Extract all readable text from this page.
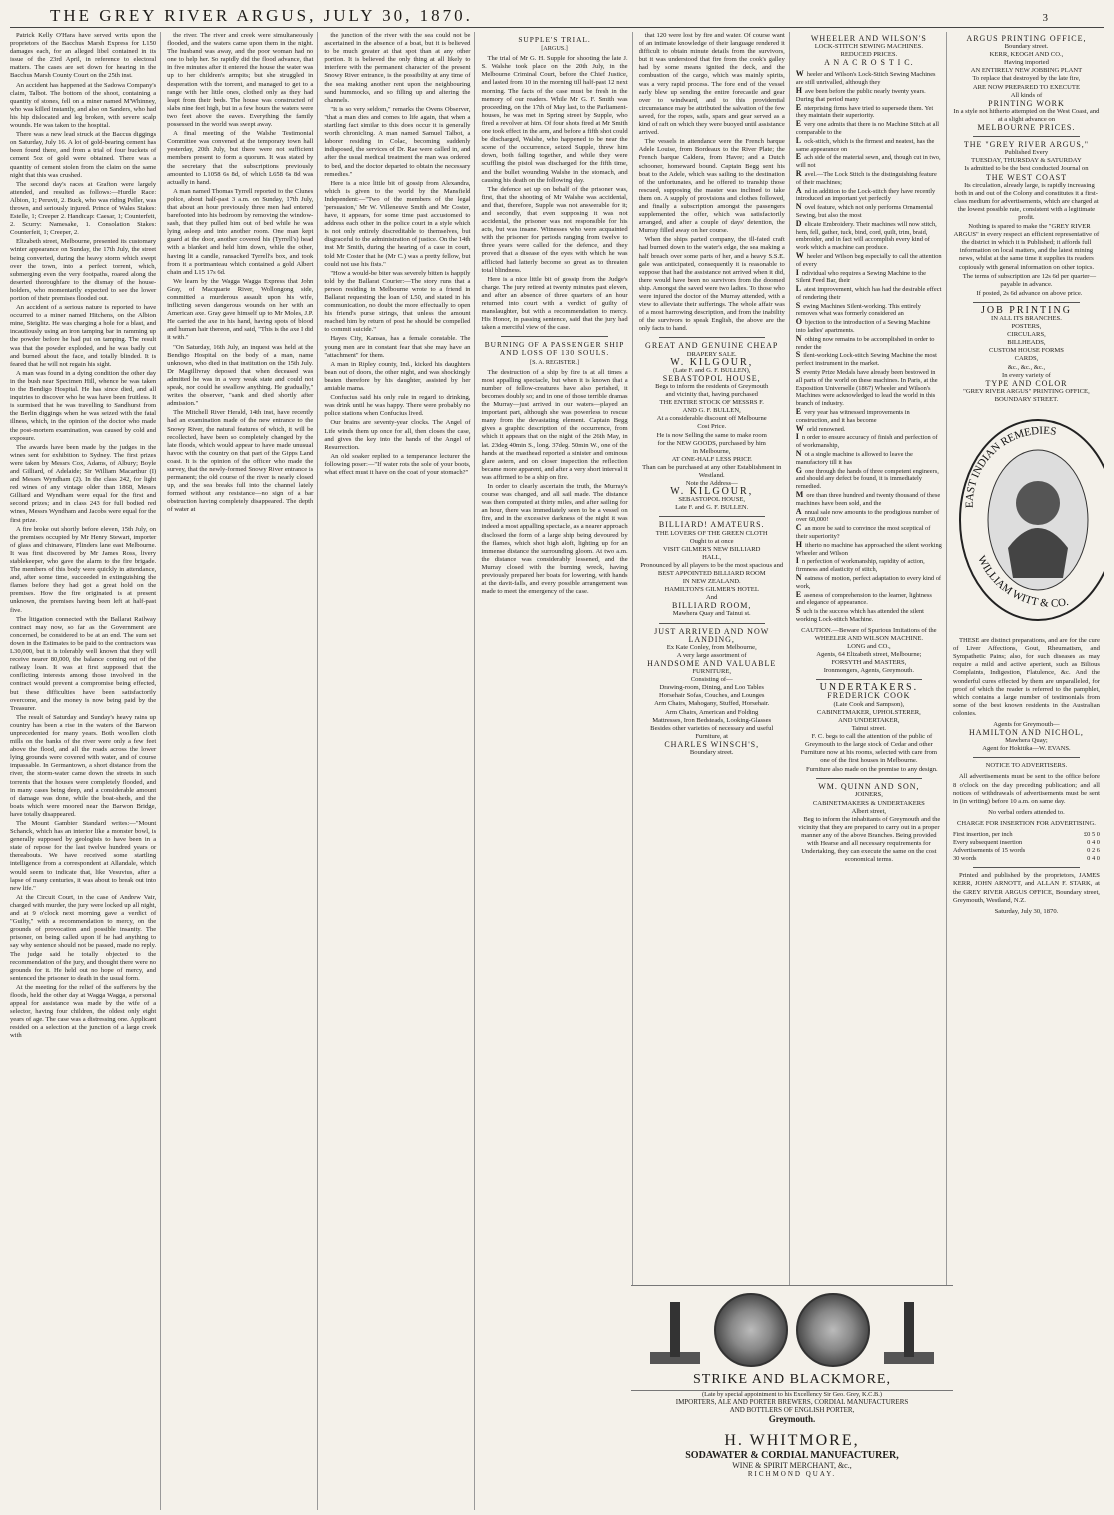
THE GREY RIVER ARGUS, JULY 30, 1870.	3

Patrick Kelly O'Hara have served writs upon the proprietors of the Bacchus Marsh Express for L150 damages each, for an alleged libel contained in its issue of the 23rd April, in reference to electoral matters. The cases are set down for hearing in the Bacchus Marsh County Court on the 25th inst.

An accident has happened at the Sadowa Company's claim, Talbot. The bottom of the shoot, containing a quantity of stones, fell on a miner named M'Whinney, who was killed instantly, and also on Sanders, who had his hip dislocated and leg broken, with severe scalp wounds. He was taken to the hospital.

There was a new lead struck at the Baccus diggings on Saturday, July 16. A lot of gold-bearing cement has been found there, and from a trial of four buckets of cement 5oz of gold were obtained. There was a quantity of cement stolen from the claim on the same night that this was crushed.

The second day's races at Grafton were largely attended, and resulted as follows:—Hurdle Race: Albion, 1; Peruvit, 2. Buck, who was riding Peller, was thrown, and seriously injured. Prince of Wales Stakes: Estelle, 1; Creeper 2. Handicap: Caesar, 1; Counterfeit, 2. Scurry: Namesake, 1. Consolation Stakes: Counterfeit, 1; Creeper, 2.

Elizabeth street, Melbourne, presented its customary winter appearance on Sunday, the 17th July, the street being converted, during the heavy storm which swept over the town, into a perfect torrent, which, submerging even the very footpaths, roared along the deserted thoroughfare to the dismay of the house-holders, who momentarily expected to see the lower portion of their premises flooded out.

An accident of a serious nature is reported to have occurred to a miner named Hitchens, on the Albion mine, Steiglitz. He was charging a hole for a blast, and incautiously using an iron tamping bar in ramming up the powder before he had put on tamping. The result was that the powder exploded, and he was badly cut and burned about the face, and totally blinded. It is feared that he will not regain his sight.

A man was found in a dying condition the other day in the bush near Specimen Hill, whence he was taken to the Bendigo Hospital. He has since died, and all inquiries to discover who he was have been fruitless. It is surmised that he was travelling to Sandhurst from the Berlin diggings when he was seized with the fatal illness, which, in the opinion of the doctor who made the post-mortem examination, was caused by cold and exposure.

The awards have been made by the judges in the wines sent for exhibition to Sydney. The first prizes were taken by Messrs Cox, Adams, of Albury; Boyle and Gilliard, of Adelaide; Sir William Macarthur (I) and Messrs Wyndham (2). In the class 242, for light red wines of any vintage older than 1868, Messrs Gilliard and Wyndham were equal for the first and second prizes; and in class 243 for full bodied red wines, Messrs Wyndham and Jacobs were equal for the first prize.

A fire broke out shortly before eleven, 15th July, on the premises occupied by Mr Henry Stewart, importer of glass and chinaware, Flinders lane east Melbourne. It was first discovered by Mr James Ross, livery stablekeeper, who gave the alarm to the fire brigade. The members of this body were quickly in attendance, and, after some time, succeeded in extinguishing the flames before they had got a great hold on the premises. How the fire originated is at present unknown, the premises having been left at half-past five.

The litigation connected with the Ballarat Railway contract may now, so far as the Government are concerned, be considered to be at an end. The sum set down in the Estimates to be paid to the contractors was L30,000, but it is tolerably well known that they will receive nearer 80,000, the balance coming out of the railway loan. It was at first supposed that the conflicting interests among those involved in the contract would prevent a compromise being effected, but these difficulties have been satisfactorily overcome, and the money is now being paid by the Treasurer.

The result of Saturday and Sunday's heavy rains up country has been a rise in the waters of the Barwon unprecedented for many years. Both woollen cloth mills on the banks of the river were only a few feet above the flood, and all the roads across the lower lying grounds were covered with water, and of course impassable. In Germantown, a short distance from the river, the storm-water came down the streets in such torrents that the houses were completely flooded, and in many cases being deep, and a considerable amount of damage was done, while the boat-sheds, and the boats which were moored near the Barwon Bridge, have totally disappeared.

The Mount Gambier Standard writes:—"Mount Schanck, which has an interior like a monster bowl, is generally supposed by geologists to have been in a state of repose for the last twelve hundred years or thereabouts. We have received some startling intelligence from a correspondent at Allandale, which would seem to indicate that, like Vesuvius, after a lapse of many centuries, it was about to break out into new life."

At the Circuit Court, in the case of Andrew Vair, charged with murder, the jury were locked up all night, and at 9 o'clock next morning gave a verdict of "Guilty," with a recommendation to mercy, on the grounds of provocation and possible insanity. The prisoner, on being called upon if he had anything to say why sentence should not be passed, made no reply. The judge said he totally objected to the recommendation of the jury, and thought there were no grounds for it. He held out no hope of mercy, and sentenced the prisoner to death in the usual form.

At the meeting for the relief of the sufferers by the floods, held the other day at Wagga Wagga, a personal appeal for assistance was made by the wife of a selector, having four children, the oldest only eight years of age. The case was a distressing one. Applicant resided on a selection at the junction of a large creek with

the river. The river and creek were simultaneously flooded, and the waters came upon them in the night. The husband was away, and the poor woman had no one to help her. So rapidly did the flood advance, that in five minutes after it entered the house the water was up to her children's armpits; but she struggled in desperation with the torrent, and managed to get to a range with her little ones, clothed only as they had leapt from their beds. The house was constructed of slabs nine feet high, but in a few hours the waters were two feet above the eaves. Everything the family possessed in the world was swept away.

A final meeting of the Walshe Testimonial Committee was convened at the temporary town hall yesterday, 20th July, but there were not sufficient members present to form a quorum. It was stated by the secretary that the subscriptions previously amounted to L1058 6s 8d, of which L658 6s 8d was actually in hand.

A man named Thomas Tyrrell reported to the Clunes police, about half-past 3 a.m. on Sunday, 17th July, that about an hour previously three men had entered barefooted into his bedroom by removing the window-sash, that they pulled him out of bed while he was lying asleep and into another room. One man kept guard at the door, another covered his (Tyrrell's) head with a blanket and held him down, while the other, having lit a candle, ransacked Tyrrell's box, and took from it a portmanteau which contained a gold Albert chain and L15 17s 6d.

We learn by the Wagga Wagga Express that John Gray, of Macquarie River, Wollongong side, committed a murderous assault upon his wife, inflicting seven dangerous wounds on her with an American axe. Gray gave himself up to Mr Moles, J.P. He carried the axe in his hand, having spots of blood and human hair thereon, and said, "This is the axe I did it with."

"On Saturday, 16th July, an inquest was held at the Bendigo Hospital on the body of a man, name unknown, who died in that institution on the 15th July. Dr Magillivray deposed that when deceased was admitted he was in a very weak state and could not speak, nor could he swallow anything. He gradually," writes the observer, "sank and died shortly after admission."

The Mitchell River Herald, 14th inst, have recently had an examination made of the new entrance to the Snowy River, the natural features of which, it will be recollected, have been so completely changed by the late floods, which would appear to have made unusual havoc with the country on that part of the Gipps Land coast. It is the opinion of the officer who made the survey, that the newly-formed Snowy River entrance is permanent; the old course of the river is nearly closed up, and the sea breaks full into the channel lately formed without any resistance—no sign of a bar obstruction having completely disappeared. The depth of water at

the junction of the river with the sea could not be ascertained in the absence of a boat, but it is believed to be much greater at that spot than at any other portion. It is believed the only thing at all likely to interfere with the permanent character of the present Snowy River entrance, is the possibility at any time of the sea making another rent upon the neighbouring sand hummocks, and so filling up and altering the channels.

"It is so very seldom," remarks the Ovens Observer, "that a man dies and comes to life again, that when a startling fact similar to this does occur it is generally worth chronicling. A man named Samuel Talbot, a laborer residing in Colac, becoming suddenly indisposed, the services of Dr. Rae were called in, and after the usual medical treatment the man was ordered to bed, and the doctor departed to obtain the necessary remedies."

Here is a nice little bit of gossip from Alexandra, which is given to the world by the Mansfield Independent:—"Two of the members of the legal 'persuasion,' Mr W. Villeneuve Smith and Mr Coster, have, it appears, for some time past accustomed to address each other in the police court in a style which is not only entirely discreditable to themselves, but disgraceful to the administration of justice. On the 14th inst Mr Smith, during the hearing of a case in court, told Mr Coster that he (Mr C.) was a pretty fellow, but could not use his fists."

"How a would-be biter was severely bitten is happily told by the Ballarat Courier:—The story runs that a person residing in Melbourne wrote to a friend in Ballarat requesting the loan of L50, and stated in his communication, no doubt the more effectually to open his friend's purse strings, that unless the amount reached him by return of post he should be compelled to commit suicide."

Hayes City, Kansas, has a female constable. The young men are in constant fear that she may have an "attachment" for them.

A man in Ripley county, Ind., kicked his daughters bean out of doors, the other night, and was shockingly beaten therefore by his daughter, assisted by her amiable mama.

Confucius said his only rule in regard to drinking, was drink until he was happy. There were probably no police stations when Confucius lived.

Our brains are seventy-year clocks. The Angel of Life winds them up once for all, then closes the case, and gives the key into the hands of the Angel of Resurrection.

An old soaker replied to a temperance lecturer the following poser:—"If water rots the sole of your boots, what effect must it have on the coat of your stomach?"

SUPPLE'S TRIAL.
[ARGUS.]

The trial of Mr G. H. Supple for shooting the late J. S. Walshe took place on the 20th July, in the Melbourne Criminal Court, before the Chief Justice, and lasted from 10 in the morning till half-past 12 next morning. The facts of the case must be fresh in the memory of our readers. While Mr G. F. Smith was proceeding, on the 17th of May last, to the Parliament-houses, he was met in Spring street by Supple, who fired a revolver at him. Of four shots fired at Mr Smith one took effect in the arm, and before a fifth shot could be discharged, Walshe, who happened to be near the scene of the occurrence, seized Supple, threw him down, both falling together, and while they were scuffling the pistol was discharged for the fifth time, and the bullet wounding Walshe in the stomach, and causing his death on the following day.

The defence set up on behalf of the prisoner was, first, that the shooting of Mr Walshe was accidental, and that, therefore, Supple was not answerable for it; and secondly, that even supposing it was not accidental, the prisoner was not responsible for his acts, but was insane. Witnesses who were acquainted with the prisoner for periods ranging from twelve to three years were called for the defence, and they proved that a disease of the eyes with which he was afflicted had latterly become so great as to threaten total blindness.

Here is a nice little bit of gossip from the Judge's charge. The jury retired at twenty minutes past eleven, and after an absence of three quarters of an hour returned into court with a verdict of guilty of manslaughter, but with a recommendation to mercy. His Honor, in passing sentence, said that the jury had taken a merciful view of the case.

BURNING OF A PASSENGER SHIP AND LOSS OF 130 SOULS.
[S. A. REGISTER.]

The destruction of a ship by fire is at all times a most appalling spectacle, but when it is known that a number of fellow-creatures have also perished, it becomes doubly so; and in one of those terrible dramas the Murray—just arrived in our waters—played an important part, although she was powerless to rescue many from the devastating element. Captain Begg gives a graphic description of the occurrence, from which it appears that on the night of the 26th May, in lat. 23deg 40min S., long. 37deg. 50min W., one of the hands at the masthead reported a sinister and ominous glare astern, and on closer inspection the reflection became more apparent, and after a very short interval it was affirmed to be a ship on fire.

In order to clearly ascertain the truth, the Murray's course was changed, and all sail made. The distance was then computed at thirty miles, and after sailing for an hour, there was immediately seen to be a vessel on fire, and in the excessive darkness of the night it was indeed a most appalling spectacle, as a nearer approach disclosed the form of a large ship being devoured by the flames, which shot high aloft, lighting up for an immense distance the surrounding gloom. At two a.m. the distance was considerably lessened, and the Murray closed with the burning wreck, having previously prepared her boats for lowering, with hands at the davit-falls, and every possible arrangement was made to meet the emergency of the case.

that 120 were lost by fire and water. Of course want of an intimate knowledge of their language rendered it difficult to obtain minute details from the survivors, but it was understood that fire from the cook's galley had by some means ignited the deck, and the combustion of the cargo, which was mainly spirits, was a very rapid process. The fore end of the vessel early blew up sending the entire forecastle and gear over to windward, and to this providential circumstance may be attributed the salvation of the few saved, for the ropes, sails, spars and gear served as a kind of raft on which they were buoyed until assistance arrived.

The vessels in attendance were the French barque Adele Louise, from Bordeaux to the River Plate; the French barque Caldera, from Havre; and a Dutch schooner, homeward bound. Captain Begg sent his boat to the Adele, which was sailing to the destination of the unfortunates, and he offered to tranship those rescued, supposing the master was inclined to take them on. A supply of provisions and clothes followed, and finally a subscription amongst the passengers supplemented the offer, which was satisfactorily arranged, and after a couple of days' detention, the Murray filled away on her course.

When the ships parted company, the ill-fated craft had burned down to the water's edge, the sea making a half breach over some parts of her, and a heavy S.S.E. gale was anticipated, consequently it is reasonable to suppose that had the assistance not arrived when it did, there would have been no survivors from the doomed ship. Amongst the saved were two ladies. To those who were injured the doctor of the Murray attended, with a view to alleviate their sufferings. The whole affair was of a most harrowing description, and from the inability of the survivors to speak English, the above are the only facts to hand.

GREAT AND GENUINE CHEAP
DRAPERY SALE.
W. KILGOUR,
(Late F. and G. F. BULLEN),
SEBASTOPOL HOUSE,
Begs to inform the residents of Greymouth
and vicinity that, having purchased
THE ENTIRE STOCK OF MESSRS F.
AND G. F. BULLEN,
At a considerable discount off Melbourne
Cost Price.
He is now Selling the same to make room
for the NEW GOODS, purchased by him
in Melbourne,
AT ONE-HALF LESS PRICE
Than can be purchased at any other Establishment in Westland.
Note the Address—
W. KILGOUR,
SEBASTOPOL HOUSE,
Late F. and G. F. BULLEN.
BILLIARD! AMATEURS.
THE LOVERS OF THE GREEN CLOTH
Ought to at once
VISIT GILMER'S NEW BILLIARD
HALL,
Pronounced by all players to be the most spacious and
BEST APPOINTED BILLIARD ROOM
IN NEW ZEALAND.
HAMILTON'S GILMER'S HOTEL
And
BILLIARD ROOM,
Mawhera Quay and Tainui st.
JUST ARRIVED AND NOW LANDING,
Ex Kate Conley, from Melbourne,
A very large assortment of
HANDSOME AND VALUABLE
FURNITURE,
Consisting of—
Drawing-room, Dining, and Loo Tables
Horsehair Sofas, Couches, and Lounges
Arm Chairs, Mahogany, Stuffed, Horsehair.
Arm Chairs, American and Folding
Mattresses, Iron Bedsteads, Looking-Glasses
Besides other varieties of necessary and useful Furniture, at
CHARLES WINSCH'S,
Boundary street.
WHEELER AND WILSON'S
LOCK-STITCH SEWING MACHINES.
REDUCED PRICES.
A N A C R O S T I C.
W heeler and Wilson's Lock-Stitch Sewing Machines are still unrivalled, although they
H ave been before the public nearly twenty years. During that period many
E nterprising firms have tried to supersede them. Yet they maintain their superiority.
E very one admits that there is no Machine Stitch at all comparable to the
L ock-stitch, which is the firmest and neatest, has the same appearance on
E ach side of the material sewn, and, though cut in two, will not
R avel.—The Lock Stitch is the distinguishing feature of their machines;
A nd in addition to the Lock-stitch they have recently introduced an important yet perfectly
N ovel feature, which not only performs Ornamental Sewing, but also the most
D elicate Embroidery. Their machines will now stitch, hem, fell, gather, tuck, bind, cord, quilt, trim, braid, embroider, and in fact will accomplish every kind of work which a machine can produce.
W heeler and Wilson beg especially to call the attention of every
I ndividual who requires a Sewing Machine to the Silent Feed Bar, their
L atest improvement, which has had the desirable effect of rendering their
S ewing Machines Silent-working. This entirely removes what was formerly considered an
O bjection to the introduction of a Sewing Machine into ladies' apartments.
N othing now remains to be accomplished in order to render the
S ilent-working Lock-stitch Sewing Machine the most perfect instrument in the market.
S eventy Prize Medals have already been bestowed in all parts of the world on these machines. In Paris, at the Exposition Universelle (1867) Wheeler and Wilson's Machines were acknowledged to lead the world in this branch of industry.
E very year has witnessed improvements in construction, and it has become
W orld renowned.
I n order to ensure accuracy of finish and perfection of of workmanship,
N ot a single machine is allowed to leave the manufactory till it has
G one through the hands of three competent engineers, and should any defect be found, it is immediately remedied.
M ore than three hundred and twenty thousand of these machines have been sold, and the
A nnual sale now amounts to the prodigious number of over 60,000!
C an more be said to convince the most sceptical of their superiority?
H itherto no machine has approached the silent working Wheeler and Wilson
I n perfection of workmanship, rapidity of action, firmness and elasticity of stitch,
N eatness of motion, perfect adaptation to every kind of work,
E aseness of comprehension to the learner, lightness and elegance of appearance.
S uch is the success which has attended the silent working Lock-stitch Machine.
CAUTION.—Beware of Spurious Imitations of the WHEELER AND WILSON MACHINE.
LONG and CO.,
Agents, 64 Elizabeth street, Melbourne;
FORSYTH and MASTERS,
Ironmongers, Agents, Greymouth.
UNDERTAKERS.
FREDERICK COOK
(Late Cook and Sampson),
CABINETMAKER, UPHOLSTERER,
AND UNDERTAKER,
Tainui street.

F. C. begs to call the attention of the public of Greymouth to the large stock of Cedar and other Furniture now at his rooms, selected with care from one of the first houses in Melbourne.

Furniture also made on the premise to any design.

WM. QUINN AND SON,
JOINERS,
CABINETMAKERS & UNDERTAKERS
Albert street,

Beg to inform the inhabitants of Greymouth and the vicinity that they are prepared to carry out in a proper manner any of the above Branches. Being provided with Hearse and all necessary requirements for Undertaking, they can execute the same on the cost economical terms.

ARGUS PRINTING OFFICE,
Boundary street.
KERR, KEOGH AND CO.,
Having imported
AN ENTIRELY NEW JOBBING PLANT
To replace that destroyed by the late fire,
ARE NOW PREPARED TO EXECUTE
All kinds of
PRINTING WORK
In a style not hitherto attempted on the West Coast, and at a slight advance on
MELBOURNE PRICES.
THE "GREY RIVER ARGUS,"
Published Every
TUESDAY, THURSDAY & SATURDAY
Is admitted to be the best conducted Journal on
THE WEST COAST

Its circulation, already large, is rapidly increasing both in and out of the Colony and constitutes it a first-class medium for advertisements, which are charged at the lowest possible rate, consistent with a legitimate profit.

Nothing is spared to make the "GREY RIVER ARGUS" in every respect an efficient representative of the district in which it is Published; it affords full information on local matters, and the latest mining news, whilst at the same time it supplies its readers copiously with general information on other topics.

The terms of subscription are 12s 6d per quarter—payable in advance.

If posted, 2s 6d advance on above price.

JOB PRINTING
IN ALL ITS BRANCHES.
POSTERS,
CIRCULARS,
BILLHEADS,
CUSTOM HOUSE FORMS
CARDS,
&c., &c., &c.,
In every variety of
TYPE AND COLOR
"GREY RIVER ARGUS" PRINTING OFFICE,
BOUNDARY STREET.
EAST INDIAN REMEDIES
WILLIAM WITT & CO.

THESE are distinct preparations, and are for the cure of Liver Affections, Gout, Rheumatism, and Sympathetic Pains; also, for such diseases as may require a mild and active aperient, such as Bilious Complaints, Indigestion, Flatulence, &c. And the wonderful cures effected by them are unparalleled, for proof of which the reader is referred to the pamphlet, which contains a large number of testimonials from some of the best known residents in the Australian colonies.

Agents for Greymouth—
HAMILTON AND NICHOL,
Mawhera Quay;
Agent for Hokitika—W. EVANS.
NOTICE TO ADVERTISERS.

All advertisements must be sent to the office before 8 o'clock on the day preceding publication; and all notices of withdrawals of advertisements must be sent in (in writing) before 10 a.m. on same day.

No verbal orders attended to.
CHARGE FOR INSERTION FOR ADVERTISING.
First insertion, per inch	£0 5 0
Every subsequent insertion	0 4 0
Advertisements of 15 words	0 2 6
30 words	0 4 0

Printed and published by the proprietors, JAMES KERR, JOHN ARNOTT, and ALLAN F. STARK, at the GREY RIVER ARGUS OFFICE, Boundary street, Greymouth, Westland, N.Z.

Saturday, July 30, 1870.
STRIKE AND BLACKMORE,
(Late by special appointment to his Excellency Sir Geo. Grey, K.C.B.)
IMPORTERS, ALE AND PORTER BREWERS, CORDIAL MANUFACTURERS
AND BOTTLERS OF ENGLISH PORTER,
Greymouth.
H. WHITMORE,
SODAWATER & CORDIAL MANUFACTURER,
WINE & SPIRIT MERCHANT, &c.,
RICHMOND QUAY.
